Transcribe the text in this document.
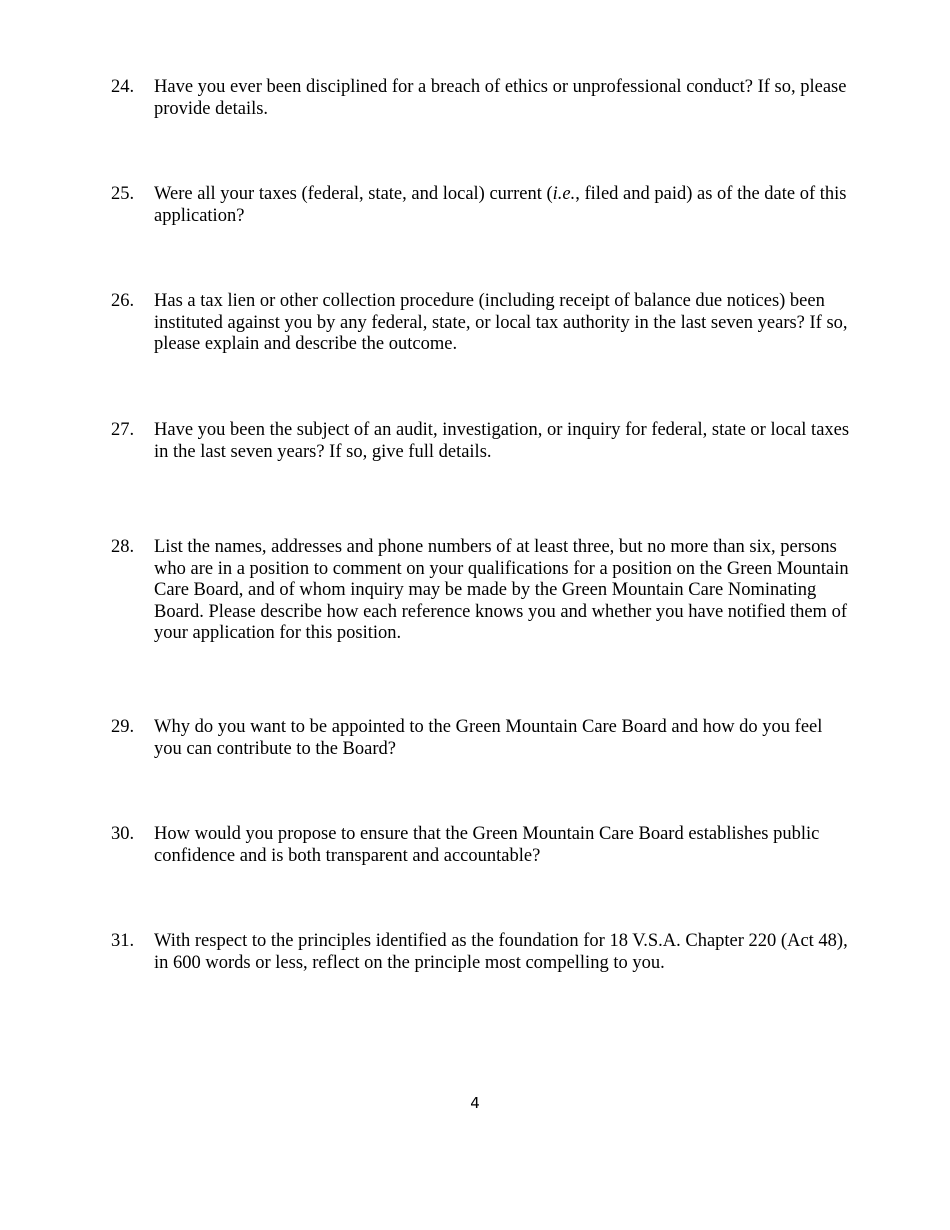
24.	Have you ever been disciplined for a breach of ethics or unprofessional conduct? If so, please provide details.
25.	Were all your taxes (federal, state, and local) current (i.e., filed and paid) as of the date of this application?
26.	Has a tax lien or other collection procedure (including receipt of balance due notices) been instituted against you by any federal, state, or local tax authority in the last seven years? If so, please explain and describe the outcome.
27.	Have you been the subject of an audit, investigation, or inquiry for federal, state or local taxes in the last seven years? If so, give full details.
28.	List the names, addresses and phone numbers of at least three, but no more than six, persons who are in a position to comment on your qualifications for a position on the Green Mountain Care Board, and of whom inquiry may be made by the Green Mountain Care Nominating Board. Please describe how each reference knows you and whether you have notified them of your application for this position.
29.	Why do you want to be appointed to the Green Mountain Care Board and how do you feel you can contribute to the Board?
30.	How would you propose to ensure that the Green Mountain Care Board establishes public confidence and is both transparent and accountable?
31.	With respect to the principles identified as the foundation for 18 V.S.A. Chapter 220 (Act 48), in 600 words or less, reflect on the principle most compelling to you.
4
